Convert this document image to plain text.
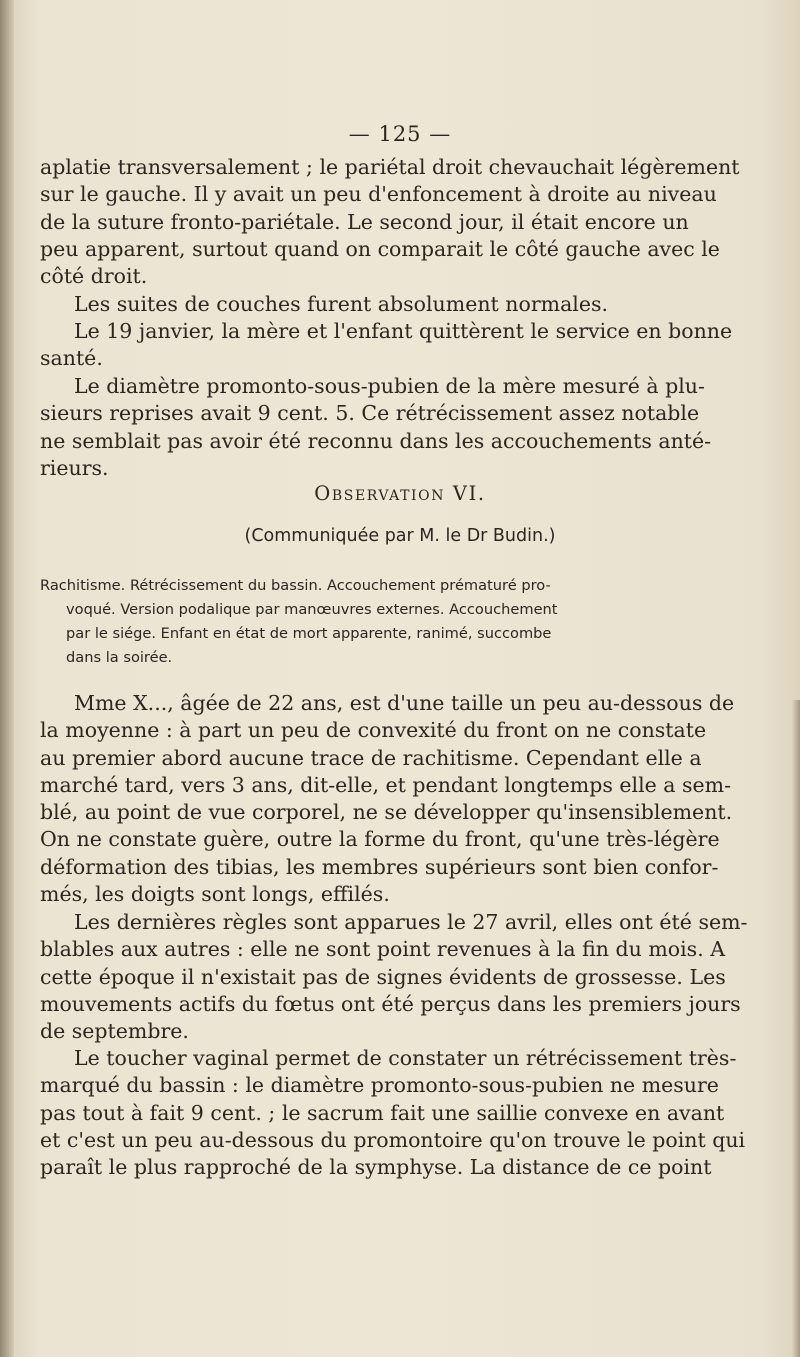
— 125 —
aplatie transversalement ; le pariétal droit chevauchait légèrement
sur le gauche. Il y avait un peu d'enfoncement à droite au niveau
de la suture fronto-pariétale. Le second jour, il était encore un
peu apparent, surtout quand on comparait le côté gauche avec le
côté droit.
Les suites de couches furent absolument normales.
Le 19 janvier, la mère et l'enfant quittèrent le service en bonne
santé.
Le diamètre promonto-sous-pubien de la mère mesuré à plu-
sieurs reprises avait 9 cent. 5. Ce rétrécissement assez notable
ne semblait pas avoir été reconnu dans les accouchements anté-
rieurs.
Observation VI.
(Communiquée par M. le Dr Budin.)
Rachitisme. Rétrécissement du bassin. Accouchement prématuré pro-
voqué. Version podalique par manœuvres externes. Accouchement
par le siége. Enfant en état de mort apparente, ranimé, succombe
dans la soirée.
Mme X..., âgée de 22 ans, est d'une taille un peu au-dessous de
la moyenne : à part un peu de convexité du front on ne constate
au premier abord aucune trace de rachitisme. Cependant elle a
marché tard, vers 3 ans, dit-elle, et pendant longtemps elle a sem-
blé, au point de vue corporel, ne se développer qu'insensiblement.
On ne constate guère, outre la forme du front, qu'une très-légère
déformation des tibias, les membres supérieurs sont bien confor-
més, les doigts sont longs, effilés.
Les dernières règles sont apparues le 27 avril, elles ont été sem-
blables aux autres : elle ne sont point revenues à la fin du mois. A
cette époque il n'existait pas de signes évidents de grossesse. Les
mouvements actifs du fœtus ont été perçus dans les premiers jours
de septembre.
Le toucher vaginal permet de constater un rétrécissement très-
marqué du bassin : le diamètre promonto-sous-pubien ne mesure
pas tout à fait 9 cent. ; le sacrum fait une saillie convexe en avant
et c'est un peu au-dessous du promontoire qu'on trouve le point qui
paraît le plus rapproché de la symphyse. La distance de ce point
